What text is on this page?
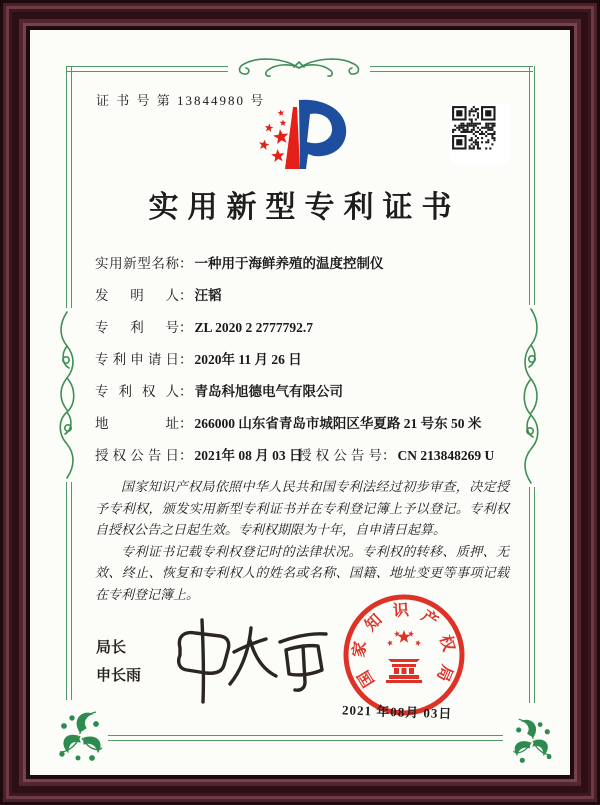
证 书 号 第 13844980 号
实用新型专利证书
实用新型名称： 一种用于海鲜养殖的温度控制仪
发明人： 汪韬
专利号： ZL 2020 2 2777792.7
专利申请日： 2020年 11 月 26 日
专利权人： 青岛科旭德电气有限公司
地址： 266000 山东省青岛市城阳区华夏路 21 号东 50 米
授权公告日： 2021年 08 月 03 日
授权公告号： CN 213848269 U

国家知识产权局依照中华人民共和国专利法经过初步审查，决定授予专利权，颁发实用新型专利证书并在专利登记簿上予以登记。专利权自授权公告之日起生效。专利权期限为十年，自申请日起算。

专利证书记载专利权登记时的法律状况。专利权的转移、质押、无效、终止、恢复和专利权人的姓名或名称、国籍、地址变更等事项记载在专利登记簿上。

局长
申长雨	国
家
知
识 产
权
局
2021 年08月 03日
